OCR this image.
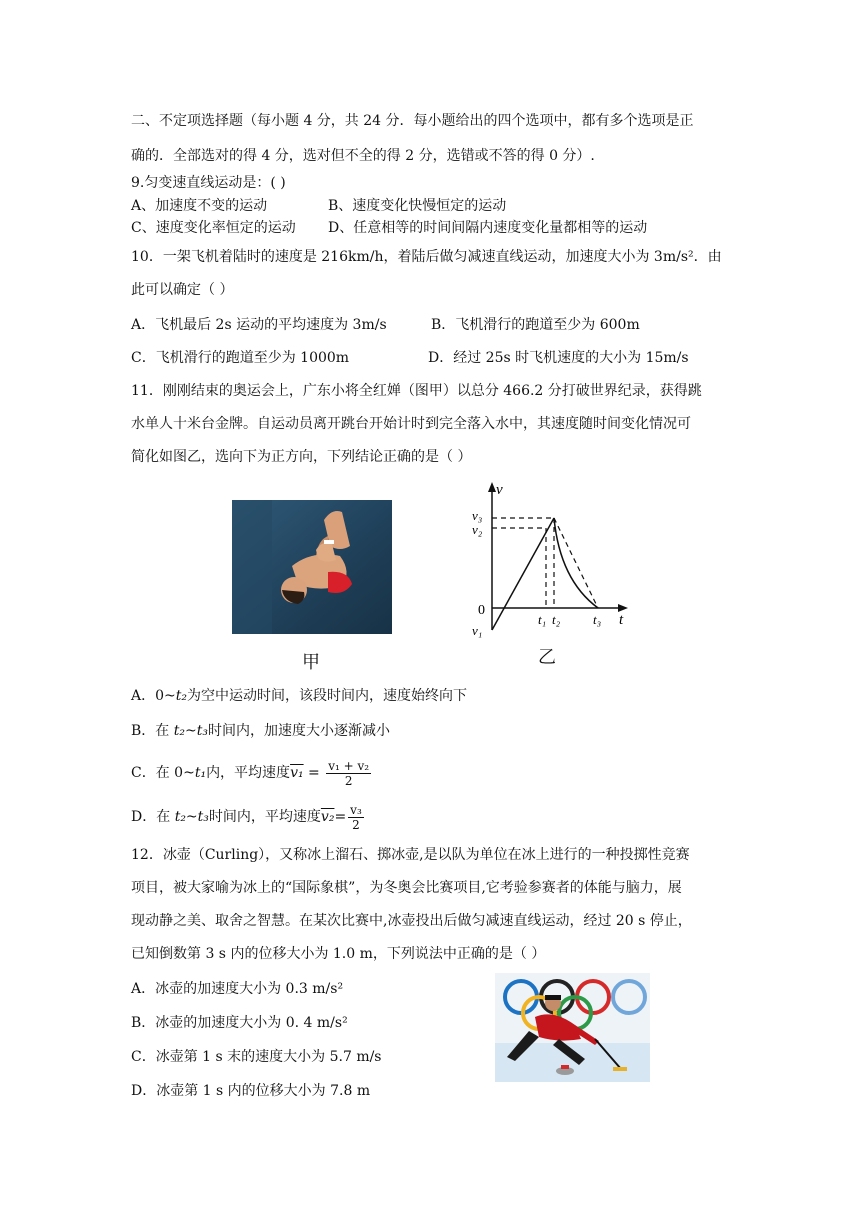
二、不定项选择题（每小题 4 分，共 24 分．每小题给出的四个选项中，都有多个选项是正
确的．全部选对的得 4 分，选对但不全的得 2 分，选错或不答的得 0 分）.
9.匀变速直线运动是：( )
A、加速度不变的运动	B、速度变化快慢恒定的运动
C、速度变化率恒定的运动 D、任意相等的时间间隔内速度变化量都相等的运动
10．一架飞机着陆时的速度是 216km/h，着陆后做匀减速直线运动，加速度大小为 3m/s²．由
此可以确定（ ）
A．飞机最后 2s 运动的平均速度为 3m/s	B．飞机滑行的跑道至少为 600m
C．飞机滑行的跑道至少为 1000m	D．经过 25s 时飞机速度的大小为 15m/s
11．刚刚结束的奥运会上，广东小将全红婵（图甲）以总分 466.2 分打破世界纪录，获得跳
水单人十米台金牌。自运动员离开跳台开始计时到完全落入水中，其速度随时间变化情况可
简化如图乙，选向下为正方向，下列结论正确的是（ ）
甲
v
v₃
v₂
0
v₁
t₁ t₂	t₃ t
乙
A．0~t₂为空中运动时间，该段时间内，速度始终向下
B．在 t₂~t₃时间内，加速度大小逐渐减小
C．在 0~t₁内，平均速度$v_1 = \frac{\text{v₁ + v₂}}{2}$
D．在 t₂~t₃时间内，平均速度$v_2= \frac{\text{v₃}}{2}$
12．冰壶（Curling），又称冰上溜石、掷冰壶,是以队为单位在冰上进行的一种投掷性竞赛
项目，被大家喻为冰上的“国际象棋”，为冬奥会比赛项目,它考验参赛者的体能与脑力，展
现动静之美、取舍之智慧。在某次比赛中,冰壶投出后做匀减速直线运动，经过 20 s 停止，
已知倒数第 3 s 内的位移大小为 1.0 m，下列说法中正确的是（ ）
A．冰壶的加速度大小为 0.3 m/s²
B．冰壶的加速度大小为 0. 4 m/s²
C．冰壶第 1 s 末的速度大小为 5.7 m/s
D．冰壶第 1 s 内的位移大小为 7.8 m
